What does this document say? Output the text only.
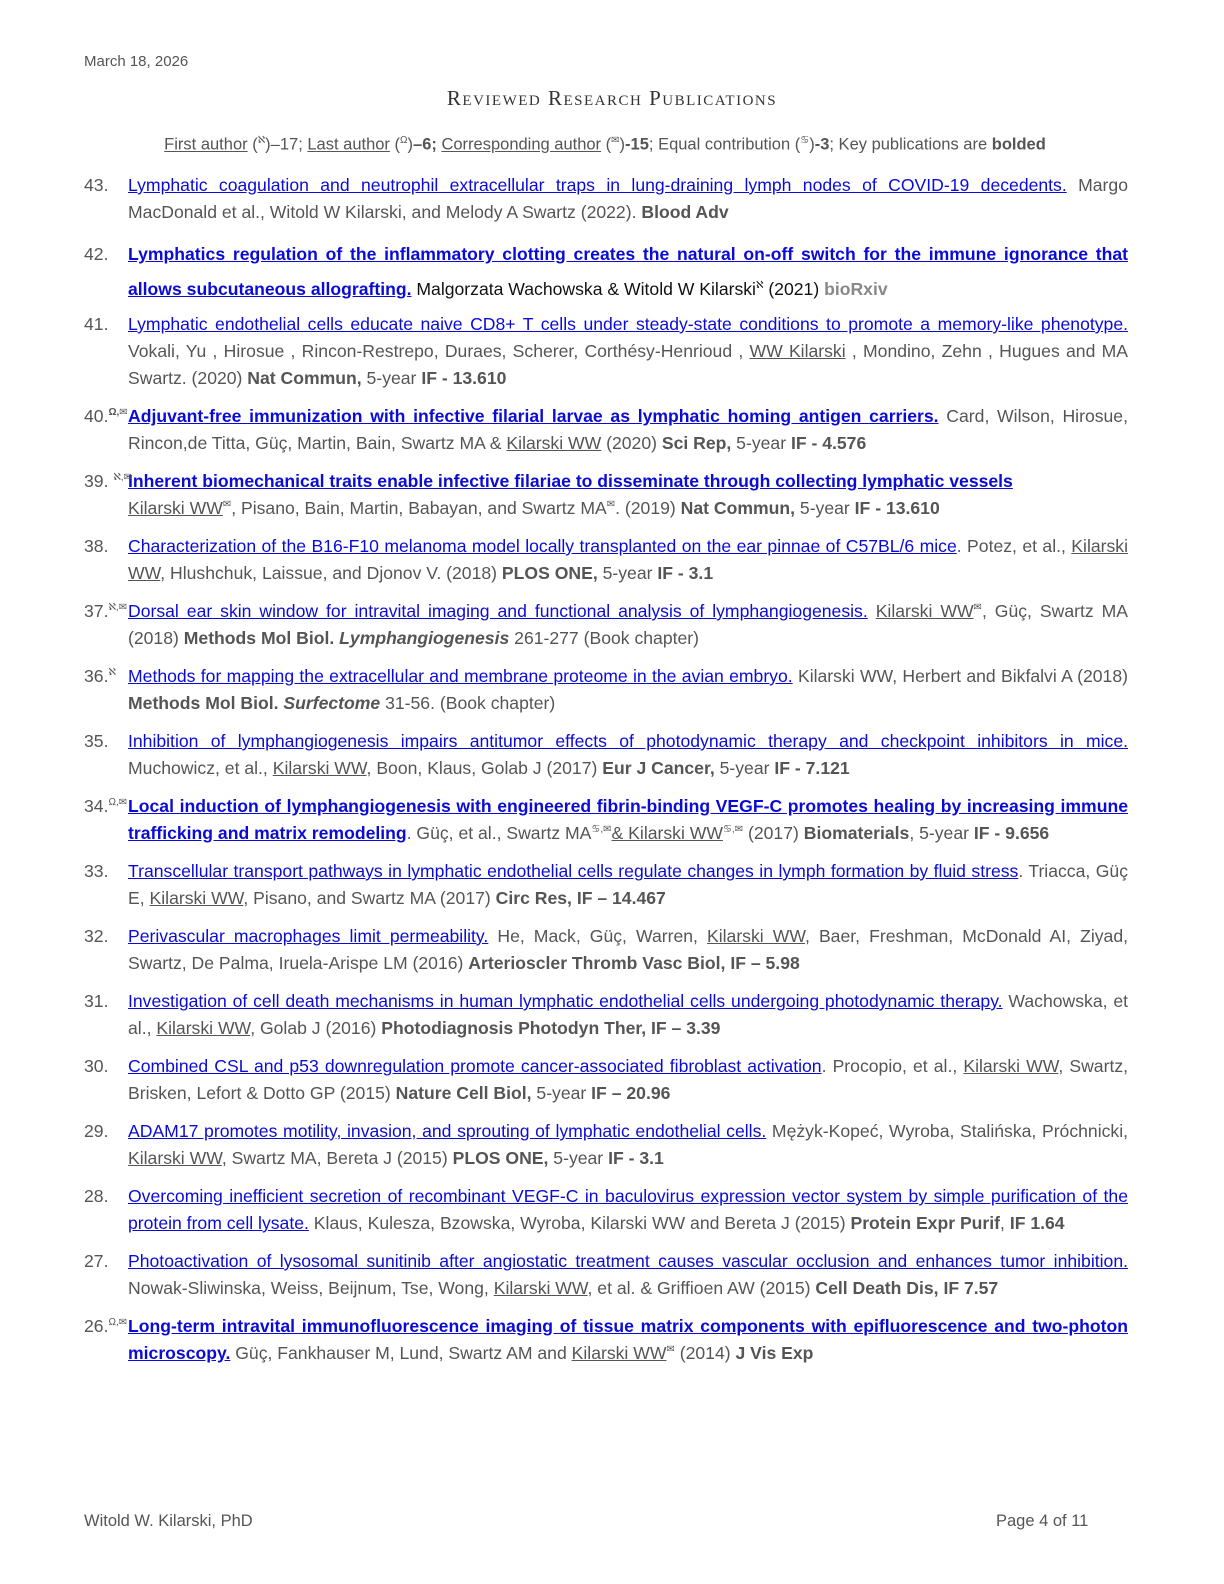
March 18, 2026
Reviewed Research Publications
First author ($^ℵ$)–17; Last author ($^\Omega$)–6; Corresponding author (✉)-15; Equal contribution (♋)-3; Key publications are bolded
43. Lymphatic coagulation and neutrophil extracellular traps in lung-draining lymph nodes of COVID-19 decedents. Margo MacDonald et al., Witold W Kilarski, and Melody A Swartz (2022). Blood Adv
42. Lymphatics regulation of the inflammatory clotting creates the natural on-off switch for the immune ignorance that allows subcutaneous allografting. Malgorzata Wachowska & Witold W Kilarski$^ℵ$ (2021) bioRxiv
41. Lymphatic endothelial cells educate naive CD8+ T cells under steady-state conditions to promote a memory-like phenotype. Vokali, Yu , Hirosue , Rincon-Restrepo, Duraes, Scherer, Corthésy-Henrioud , WW Kilarski , Mondino, Zehn , Hugues and MA Swartz. (2020) Nat Commun, 5-year IF - 13.610
40.$^{\Omega,✉}$ Adjuvant-free immunization with infective filarial larvae as lymphatic homing antigen carriers. Card, Wilson, Hirosue, Rincon,de Titta, Güç, Martin, Bain, Swartz MA & Kilarski WW (2020) Sci Rep, 5-year IF - 4.576
39. $^{ℵ,✉}$
Inherent biomechanical traits enable infective filariae to disseminate through collecting lymphatic vessels
Kilarski WW✉, Pisano, Bain, Martin, Babayan, and Swartz MA✉. (2019) Nat Commun, 5-year IF - 13.610
38. Characterization of the B16-F10 melanoma model locally transplanted on the ear pinnae of C57BL/6 mice. Potez, et al., Kilarski WW, Hlushchuk, Laissue, and Djonov V. (2018) PLOS ONE, 5-year IF - 3.1
37.$^{ℵ,✉}$ Dorsal ear skin window for intravital imaging and functional analysis of lymphangiogenesis. Kilarski WW✉, Güç, Swartz MA (2018) Methods Mol Biol. Lymphangiogenesis 261-277 (Book chapter)
36.$^ℵ$ Methods for mapping the extracellular and membrane proteome in the avian embryo. Kilarski WW, Herbert and Bikfalvi A (2018) Methods Mol Biol. Surfectome 31-56. (Book chapter)
35. Inhibition of lymphangiogenesis impairs antitumor effects of photodynamic therapy and checkpoint inhibitors in mice. Muchowicz, et al., Kilarski WW, Boon, Klaus, Golab J (2017) Eur J Cancer, 5-year IF - 7.121
34.$^{\Omega,✉}$ Local induction of lymphangiogenesis with engineered fibrin-binding VEGF-C promotes healing by increasing immune trafficking and matrix remodeling. Güç, et al., Swartz MA♋,✉& Kilarski WW♋,✉ (2017) Biomaterials, 5-year IF - 9.656
33. Transcellular transport pathways in lymphatic endothelial cells regulate changes in lymph formation by fluid stress. Triacca, Güç E, Kilarski WW, Pisano, and Swartz MA (2017) Circ Res, IF – 14.467
32. Perivascular macrophages limit permeability. He, Mack, Güç, Warren, Kilarski WW, Baer, Freshman, McDonald AI, Ziyad, Swartz, De Palma, Iruela-Arispe LM (2016) Arterioscler Thromb Vasc Biol, IF – 5.98
31. Investigation of cell death mechanisms in human lymphatic endothelial cells undergoing photodynamic therapy. Wachowska, et al., Kilarski WW, Golab J (2016) Photodiagnosis Photodyn Ther, IF – 3.39
30. Combined CSL and p53 downregulation promote cancer-associated fibroblast activation. Procopio, et al., Kilarski WW, Swartz, Brisken, Lefort & Dotto GP (2015) Nature Cell Biol, 5-year IF – 20.96
29. ADAM17 promotes motility, invasion, and sprouting of lymphatic endothelial cells. Mężyk-Kopeć, Wyroba, Stalińska, Próchnicki, Kilarski WW, Swartz MA, Bereta J (2015) PLOS ONE, 5-year IF - 3.1
28. Overcoming inefficient secretion of recombinant VEGF-C in baculovirus expression vector system by simple purification of the protein from cell lysate. Klaus, Kulesza, Bzowska, Wyroba, Kilarski WW and Bereta J (2015) Protein Expr Purif, IF 1.64
27. Photoactivation of lysosomal sunitinib after angiostatic treatment causes vascular occlusion and enhances tumor inhibition. Nowak-Sliwinska, Weiss, Beijnum, Tse, Wong, Kilarski WW, et al. & Griffioen AW (2015) Cell Death Dis, IF 7.57
26.$^{\Omega,✉}$ Long-term intravital immunofluorescence imaging of tissue matrix components with epifluorescence and two-photon microscopy. Güç, Fankhauser M, Lund, Swartz AM and Kilarski WW✉ (2014) J Vis Exp
Witold W. Kilarski, PhD	Page 4 of 11
